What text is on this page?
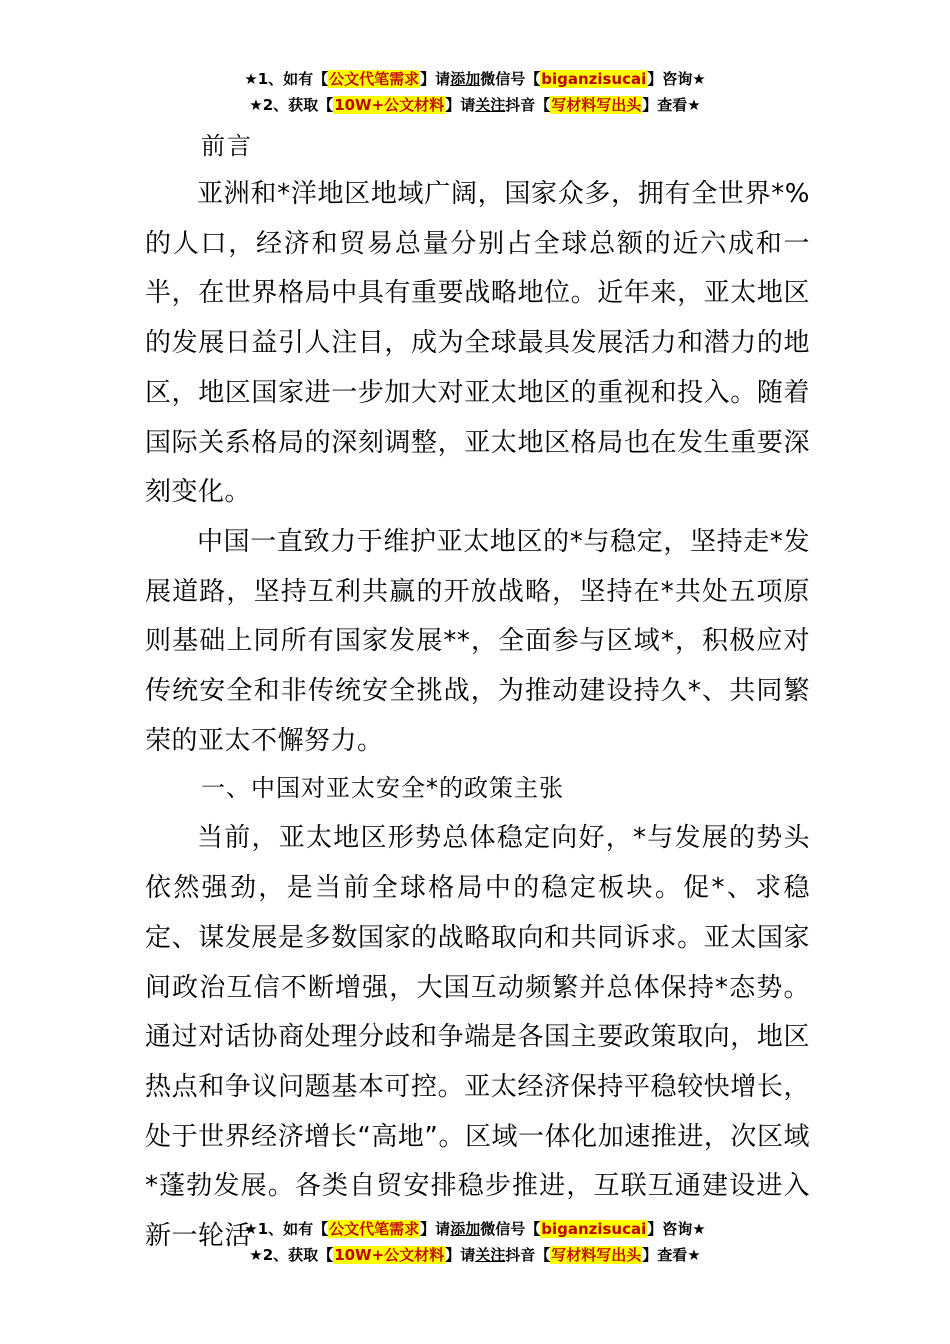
★1、如有【公文代笔需求】请添加微信号【biganzisucai】咨询★
★2、获取【10W+公文材料】请关注抖音【写材料写出头】查看★
前言

亚洲和*洋地区地域广阔，国家众多，拥有全世界*%的人口，经济和贸易总量分别占全球总额的近六成和一半，在世界格局中具有重要战略地位。近年来，亚太地区的发展日益引人注目，成为全球最具发展活力和潜力的地区，地区国家进一步加大对亚太地区的重视和投入。随着国际关系格局的深刻调整，亚太地区格局也在发生重要深刻变化。

中国一直致力于维护亚太地区的*与稳定，坚持走*发展道路，坚持互利共赢的开放战略，坚持在*共处五项原则基础上同所有国家发展**，全面参与区域*，积极应对传统安全和非传统安全挑战，为推动建设持久*、共同繁荣的亚太不懈努力。

一、中国对亚太安全*的政策主张

当前，亚太地区形势总体稳定向好，*与发展的势头依然强劲，是当前全球格局中的稳定板块。促*、求稳定、谋发展是多数国家的战略取向和共同诉求。亚太国家间政治互信不断增强，大国互动频繁并总体保持*态势。通过对话协商处理分歧和争端是各国主要政策取向，地区热点和争议问题基本可控。亚太经济保持平稳较快增长，处于世界经济增长“高地”。区域一体化加速推进，次区域*蓬勃发展。各类自贸安排稳步推进，互联互通建设进入新一轮活

★1、如有【公文代笔需求】请添加微信号【biganzisucai】咨询★
★2、获取【10W+公文材料】请关注抖音【写材料写出头】查看★
